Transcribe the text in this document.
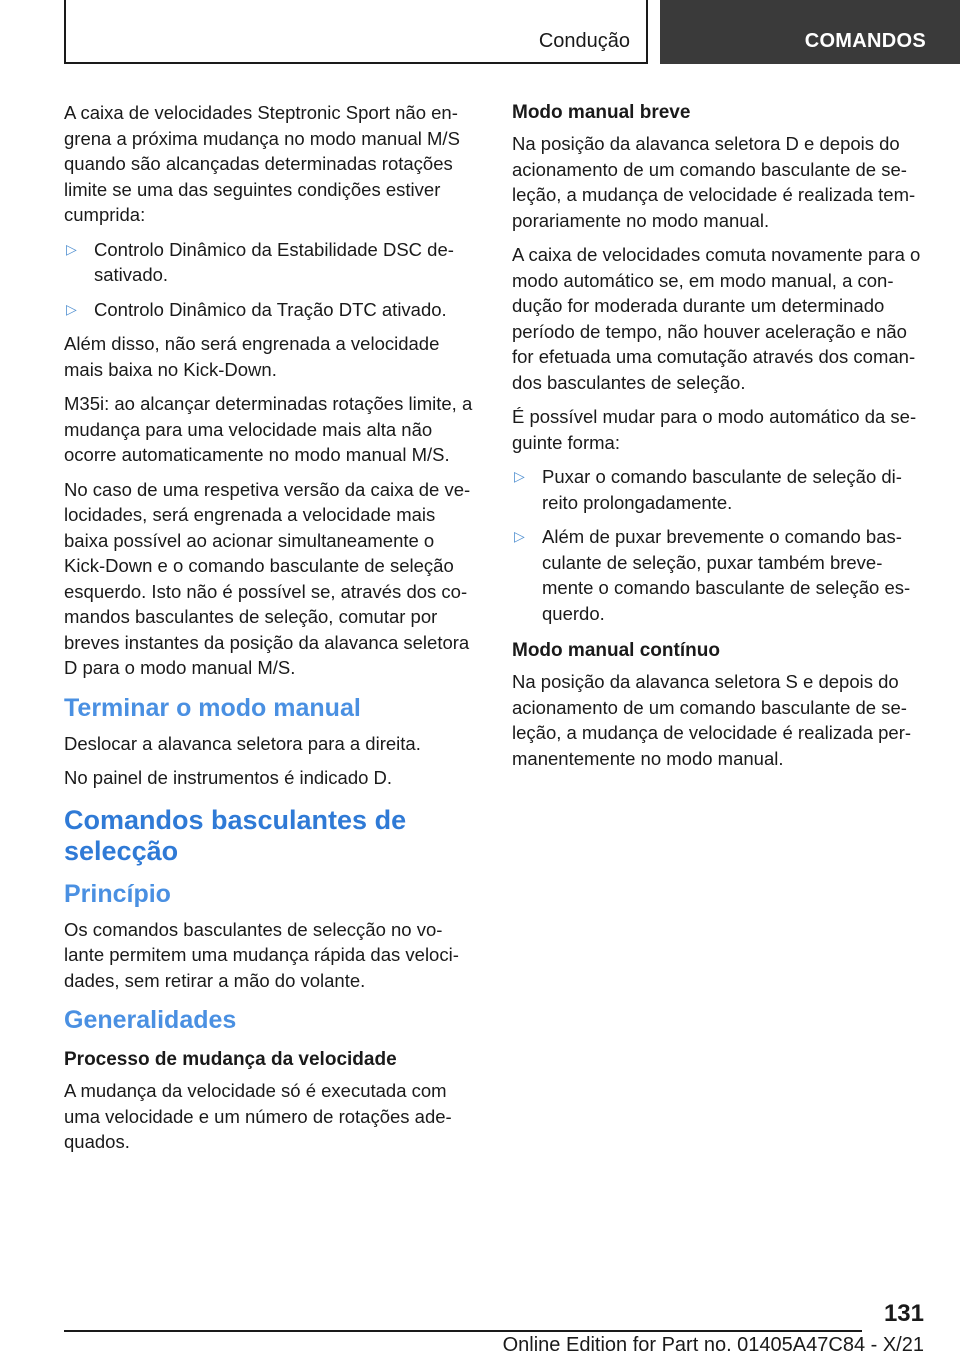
Condução	COMANDOS

A caixa de velocidades Steptronic Sport não en-grena a próxima mudança no modo manual M/S quando são alcançadas determinadas rotações limite se uma das seguintes condições estiver cumprida:

▷ Controlo Dinâmico da Estabilidade DSC de-sativado.
▷ Controlo Dinâmico da Tração DTC ativado.

Além disso, não será engrenada a velocidade mais baixa no Kick-Down.

M35i: ao alcançar determinadas rotações limite, a mudança para uma velocidade mais alta não ocorre automaticamente no modo manual M/S.

No caso de uma respetiva versão da caixa de ve-locidades, será engrenada a velocidade mais baixa possível ao acionar simultaneamente o Kick-Down e o comando basculante de seleção esquerdo. Isto não é possível se, através dos co-mandos basculantes de seleção, comutar por breves instantes da posição da alavanca seletora D para o modo manual M/S.

Terminar o modo manual

Deslocar a alavanca seletora para a direita.

No painel de instrumentos é indicado D.

Comandos basculantes de selecção
Princípio

Os comandos basculantes de selecção no vo-lante permitem uma mudança rápida das veloci-dades, sem retirar a mão do volante.

Generalidades
Processo de mudança da velocidade

A mudança da velocidade só é executada com uma velocidade e um número de rotações ade-quados.

Modo manual breve

Na posição da alavanca seletora D e depois do acionamento de um comando basculante de se-leção, a mudança de velocidade é realizada tem-porariamente no modo manual.

A caixa de velocidades comuta novamente para o modo automático se, em modo manual, a con-dução for moderada durante um determinado período de tempo, não houver aceleração e não for efetuada uma comutação através dos coman-dos basculantes de seleção.

É possível mudar para o modo automático da se-guinte forma:

▷ Puxar o comando basculante de seleção di-reito prolongadamente.
▷ Além de puxar brevemente o comando bas-culante de seleção, puxar também breve-mente o comando basculante de seleção es-querdo.
Modo manual contínuo

Na posição da alavanca seletora S e depois do acionamento de um comando basculante de se-leção, a mudança de velocidade é realizada per-manentemente no modo manual.

131
Online Edition for Part no. 01405A47C84 - X/21
